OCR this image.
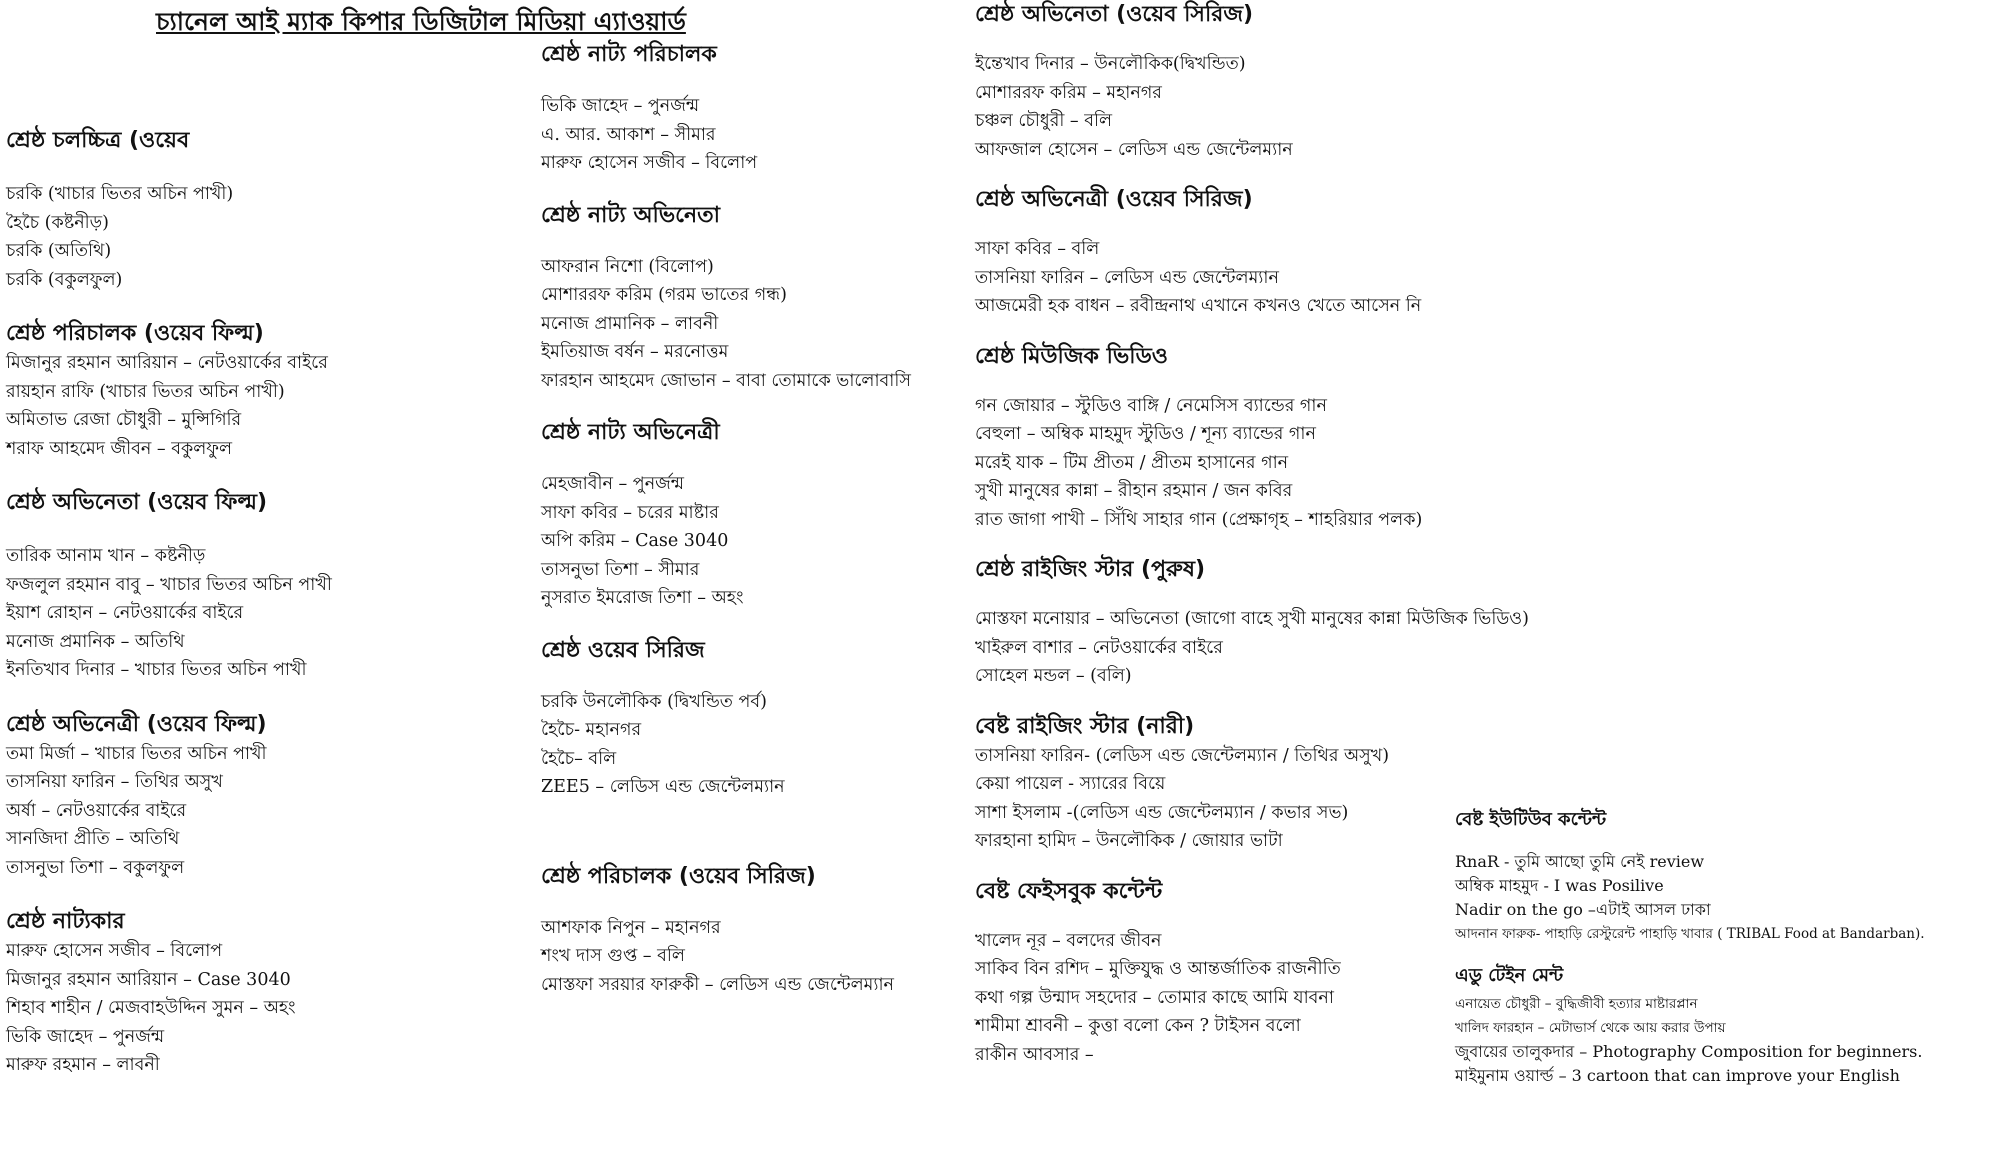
চ্যানেল আই ম্যাক কিপার ডিজিটাল মিডিয়া এ্যাওয়ার্ড
শ্রেষ্ঠ চলচ্চিত্র (ওয়েব
চরকি (খাচার ভিতর অচিন পাখী)
হৈচৈ (কষ্টনীড়)
চরকি (অতিথি)
চরকি (বকুলফুল)
শ্রেষ্ঠ পরিচালক (ওয়েব ফিল্ম)
মিজানুর রহমান আরিয়ান – নেটওয়ার্কের বাইরে
রায়হান রাফি (খাচার ভিতর অচিন পাখী)
অমিতাভ রেজা চৌধুরী – মুন্সিগিরি
শরাফ আহমেদ জীবন – বকুলফুল
শ্রেষ্ঠ অভিনেতা (ওয়েব ফিল্ম)
তারিক আনাম খান – কষ্টনীড়
ফজলুল রহমান বাবু – খাচার ভিতর অচিন পাখী
ইয়াশ রোহান – নেটওয়ার্কের বাইরে
মনোজ প্রমানিক – অতিথি
ইনতিখাব দিনার – খাচার ভিতর অচিন পাখী
শ্রেষ্ঠ অভিনেত্রী (ওয়েব ফিল্ম)
তমা মির্জা – খাচার ভিতর অচিন পাখী
তাসনিয়া ফারিন – তিথির অসুখ
অর্ষা – নেটওয়ার্কের বাইরে
সানজিদা প্রীতি – অতিথি
তাসনুভা তিশা – বকুলফুল
শ্রেষ্ঠ নাট্যকার
মারুফ হোসেন সজীব – বিলোপ
মিজানুর রহমান আরিয়ান – Case 3040
শিহাব শাহীন / মেজবাহউদ্দিন সুমন – অহং
ভিকি জাহেদ – পুনর্জন্ম
মারুফ রহমান – লাবনী
শ্রেষ্ঠ নাট্য পরিচালক
ভিকি জাহেদ – পুনর্জন্ম
এ. আর. আকাশ – সীমার
মারুফ হোসেন সজীব – বিলোপ
শ্রেষ্ঠ নাট্য অভিনেতা
আফরান নিশো (বিলোপ)
মোশাররফ করিম (গরম ভাতের গন্ধ)
মনোজ প্রামানিক – লাবনী
ইমতিয়াজ বর্ষন – মরনোত্তম
ফারহান আহমেদ জোভান – বাবা তোমাকে ভালোবাসি
শ্রেষ্ঠ নাট্য অভিনেত্রী
মেহজাবীন – পুনর্জন্ম
সাফা কবির – চরের মাষ্টার
অপি করিম – Case 3040
তাসনুভা তিশা – সীমার
নুসরাত ইমরোজ তিশা – অহং
শ্রেষ্ঠ ওয়েব সিরিজ
চরকি উনলৌকিক (দ্বিখন্ডিত পর্ব)
হৈচৈ- মহানগর
হৈচৈ– বলি
ZEE5 – লেডিস এন্ড জেন্টেলম্যান
শ্রেষ্ঠ পরিচালক (ওয়েব সিরিজ)
আশফাক নিপুন – মহানগর
শংখ দাস গুপ্ত – বলি
মোস্তফা সরয়ার ফারুকী – লেডিস এন্ড জেন্টেলম্যান
শ্রেষ্ঠ অভিনেতা (ওয়েব সিরিজ)
ইন্তেখাব দিনার – উনলৌকিক(দ্বিখন্ডিত)
মোশাররফ করিম – মহানগর
চঞ্চল চৌধুরী – বলি
আফজাল হোসেন – লেডিস এন্ড জেন্টেলম্যান
শ্রেষ্ঠ অভিনেত্রী (ওয়েব সিরিজ)
সাফা কবির – বলি
তাসনিয়া ফারিন – লেডিস এন্ড জেন্টেলম্যান
আজমেরী হক বাধন – রবীন্দ্রনাথ এখানে কখনও খেতে আসেন নি
শ্রেষ্ঠ মিউজিক ভিডিও
গন জোয়ার – স্টুডিও বাঙ্গি / নেমেসিস ব্যান্ডের গান
বেহুলা – অম্বিক মাহমুদ স্টুডিও / শূন্য ব্যান্ডের গান
মরেই যাক – টিম প্রীতম / প্রীতম হাসানের গান
সুখী মানুষের কান্না – রীহান রহমান / জন কবির
রাত জাগা পাখী – সিঁথি সাহার গান (প্রেক্ষাগৃহ – শাহরিয়ার পলক)
শ্রেষ্ঠ রাইজিং স্টার (পুরুষ)
মোস্তফা মনোয়ার – অভিনেতা (জাগো বাহে সুখী মানুষের কান্না মিউজিক ভিডিও)
খাইরুল বাশার – নেটওয়ার্কের বাইরে
সোহেল মন্ডল – (বলি)
বেষ্ট রাইজিং স্টার (নারী)
তাসনিয়া ফারিন- (লেডিস এন্ড জেন্টেলম্যান / তিথির অসুখ)
কেয়া পায়েল - স্যারের বিয়ে
সাশা ইসলাম -(লেডিস এন্ড জেন্টেলম্যান / কভার সভ)
ফারহানা হামিদ – উনলৌকিক / জোয়ার ভাটা
বেষ্ট ফেইসবুক কন্টেন্ট
খালেদ নূর – বলদের জীবন
সাকিব বিন রশিদ – মুক্তিযুদ্ধ ও আন্তর্জাতিক রাজনীতি
কথা গল্প উন্মাদ সহদোর – তোমার কাছে আমি যাবনা
শামীমা শ্রাবনী – কুত্তা বলো কেন ? টাইসন বলো
রাকীন আবসার –
বেষ্ট ইউটিউব কন্টেন্ট
RnaR - তুমি আছো তুমি নেই review
অম্বিক মাহমুদ - I was Posilive
Nadir on the go –এটাই আসল ঢাকা
আদনান ফারুক- পাহাড়ি রেস্টুরেন্ট পাহাড়ি খাবার ( TRIBAL Food at Bandarban).
এডু টেইন মেন্ট
এনায়েত চৌধুরী – বুদ্ধিজীবী হত্যার মাষ্টারপ্লান
খালিদ ফারহান – মেটাভার্স থেকে আয় করার উপায়
জুবায়ের তালুকদার – Photography Composition for beginners.
মাইমুনাম ওয়ার্ল্ড – 3 cartoon that can improve your English
